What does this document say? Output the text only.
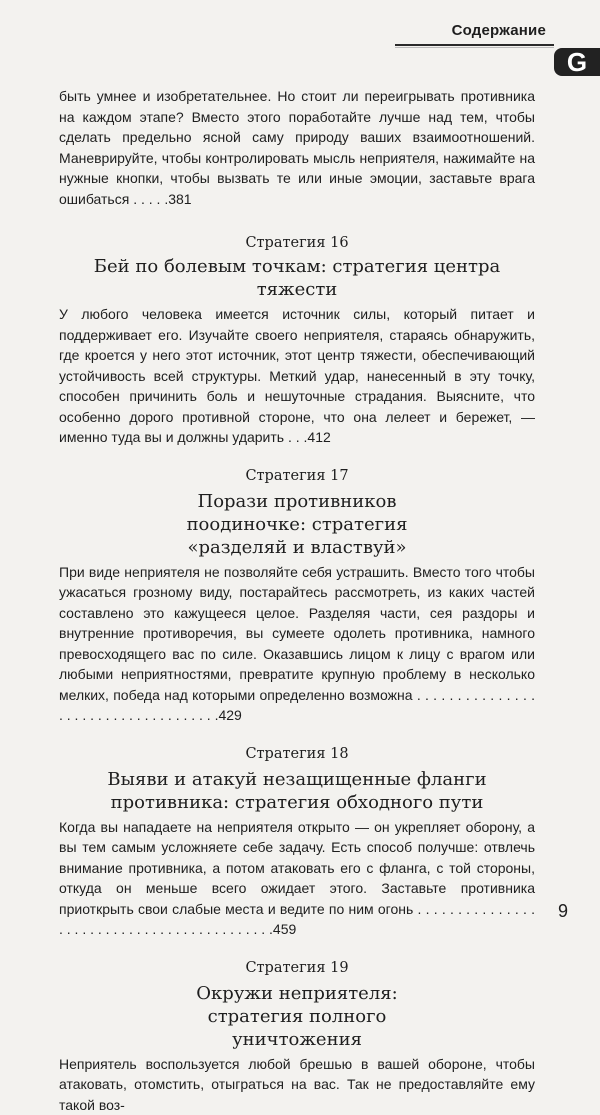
Содержание
G

быть умнее и изобретательнее. Но стоит ли переигрывать противника на каждом этапе? Вместо этого поработайте лучше над тем, чтобы сделать предельно ясной саму природу ваших взаимоотношений. Маневрируйте, чтобы контролировать мысль неприятеля, нажимайте на нужные кнопки, чтобы вызвать те или иные эмоции, заставьте врага ошибаться . . . . .381

Стратегия 16

Бей по болевым точкам: стратегия центра тяжести

У любого человека имеется источник силы, который питает и поддерживает его. Изучайте своего неприятеля, стараясь обнаружить, где кроется у него этот источник, этот центр тяжести, обеспечивающий устойчивость всей структуры. Меткий удар, нанесенный в эту точку, способен причинить боль и нешуточные страдания. Выясните, что особенно дорого противной стороне, что она лелеет и бережет, — именно туда вы и должны ударить . . .412

Стратегия 17

Порази противников поодиночке: стратегия «разделяй и властвуй»

При виде неприятеля не позволяйте себя устрашить. Вместо того чтобы ужасаться грозному виду, постарайтесь рассмотреть, из каких частей составлено это кажущееся целое. Разделяя части, сея раздоры и внутренние противоречия, вы сумеете одолеть противника, намного превосходящего вас по силе. Оказавшись лицом к лицу с врагом или любыми неприятностями, превратите крупную проблему в несколько мелких, победа над которыми определенно возможна . . . . . . . . . . . . . . . . . . . . . . . . . . . . . . . . . . . .429

Стратегия 18

Выяви и атакуй незащищенные фланги противника: стратегия обходного пути

Когда вы нападаете на неприятеля открыто — он укрепляет оборону, а вы тем самым усложняете себе задачу. Есть способ получше: отвлечь внимание противника, а потом атаковать его с фланга, с той стороны, откуда он меньше всего ожидает этого. Заставьте противника приоткрыть свои слабые места и ведите по ним огонь . . . . . . . . . . . . . . . . . . . . . . . . . . . . . . . . . . . . . . . . . . .459

Стратегия 19

Окружи неприятеля: стратегия полного уничтожения

Неприятель воспользуется любой брешью в вашей обороне, чтобы атаковать, отомстить, отыграться на вас. Так не предоставляйте ему такой воз-

9
